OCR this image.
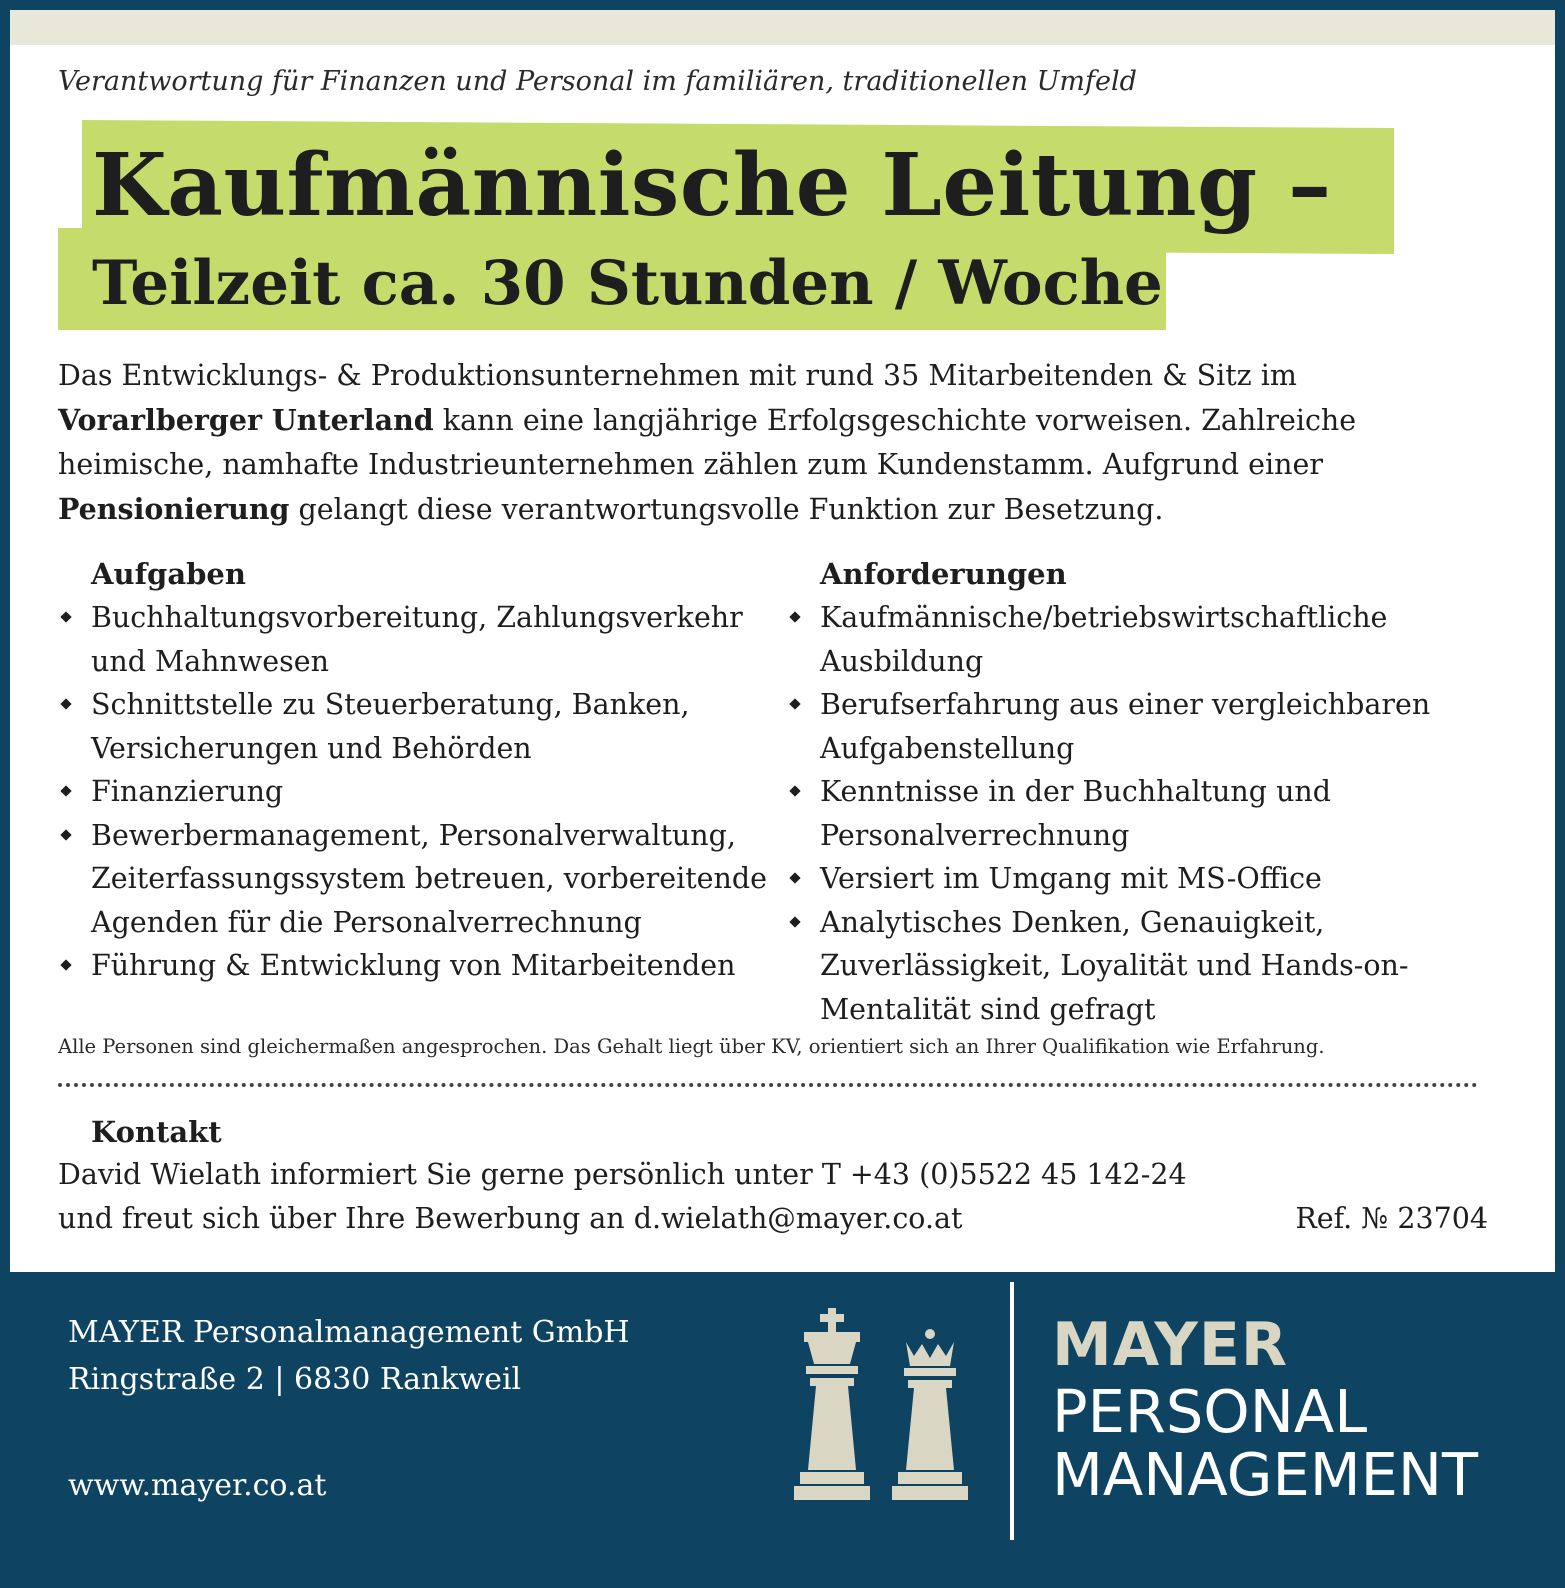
Verantwortung für Finanzen und Personal im familiären, traditionellen Umfeld
Kaufmännische Leitung –
Teilzeit ca. 30 Stunden / Woche
Das Entwicklungs- & Produktionsunternehmen mit rund 35 Mitarbeitenden & Sitz im Vorarlberger Unterland kann eine langjährige Erfolgsgeschichte vorweisen. Zahlreiche heimische, namhafte Industrieunternehmen zählen zum Kundenstamm. Aufgrund einer Pensionierung gelangt diese verantwortungsvolle Funktion zur Besetzung.
Aufgaben
Buchhaltungsvorbereitung, Zahlungsverkehr und Mahnwesen
Schnittstelle zu Steuerberatung, Banken, Versicherungen und Behörden
Finanzierung
Bewerbermanagement, Personalverwaltung, Zeiterfassungssystem betreuen, vorbereitende Agenden für die Personalverrechnung
Führung & Entwicklung von Mitarbeitenden
Anforderungen
Kaufmännische/betriebswirtschaftliche Ausbildung
Berufserfahrung aus einer vergleichbaren Aufgabenstellung
Kenntnisse in der Buchhaltung und Personalverrechnung
Versiert im Umgang mit MS-Office
Analytisches Denken, Genauigkeit, Zuverlässigkeit, Loyalität und Hands-on-Mentalität sind gefragt
Alle Personen sind gleichermaßen angesprochen. Das Gehalt liegt über KV, orientiert sich an Ihrer Qualifikation wie Erfahrung.
Kontakt
David Wielath informiert Sie gerne persönlich unter T +43 (0)5522 45 142-24
und freut sich über Ihre Bewerbung an d.wielath@mayer.co.at	Ref. № 23704
MAYER Personalmanagement GmbH
Ringstraße 2 | 6830 Rankweil
www.mayer.co.at
MAYER
PERSONAL
MANAGEMENT
